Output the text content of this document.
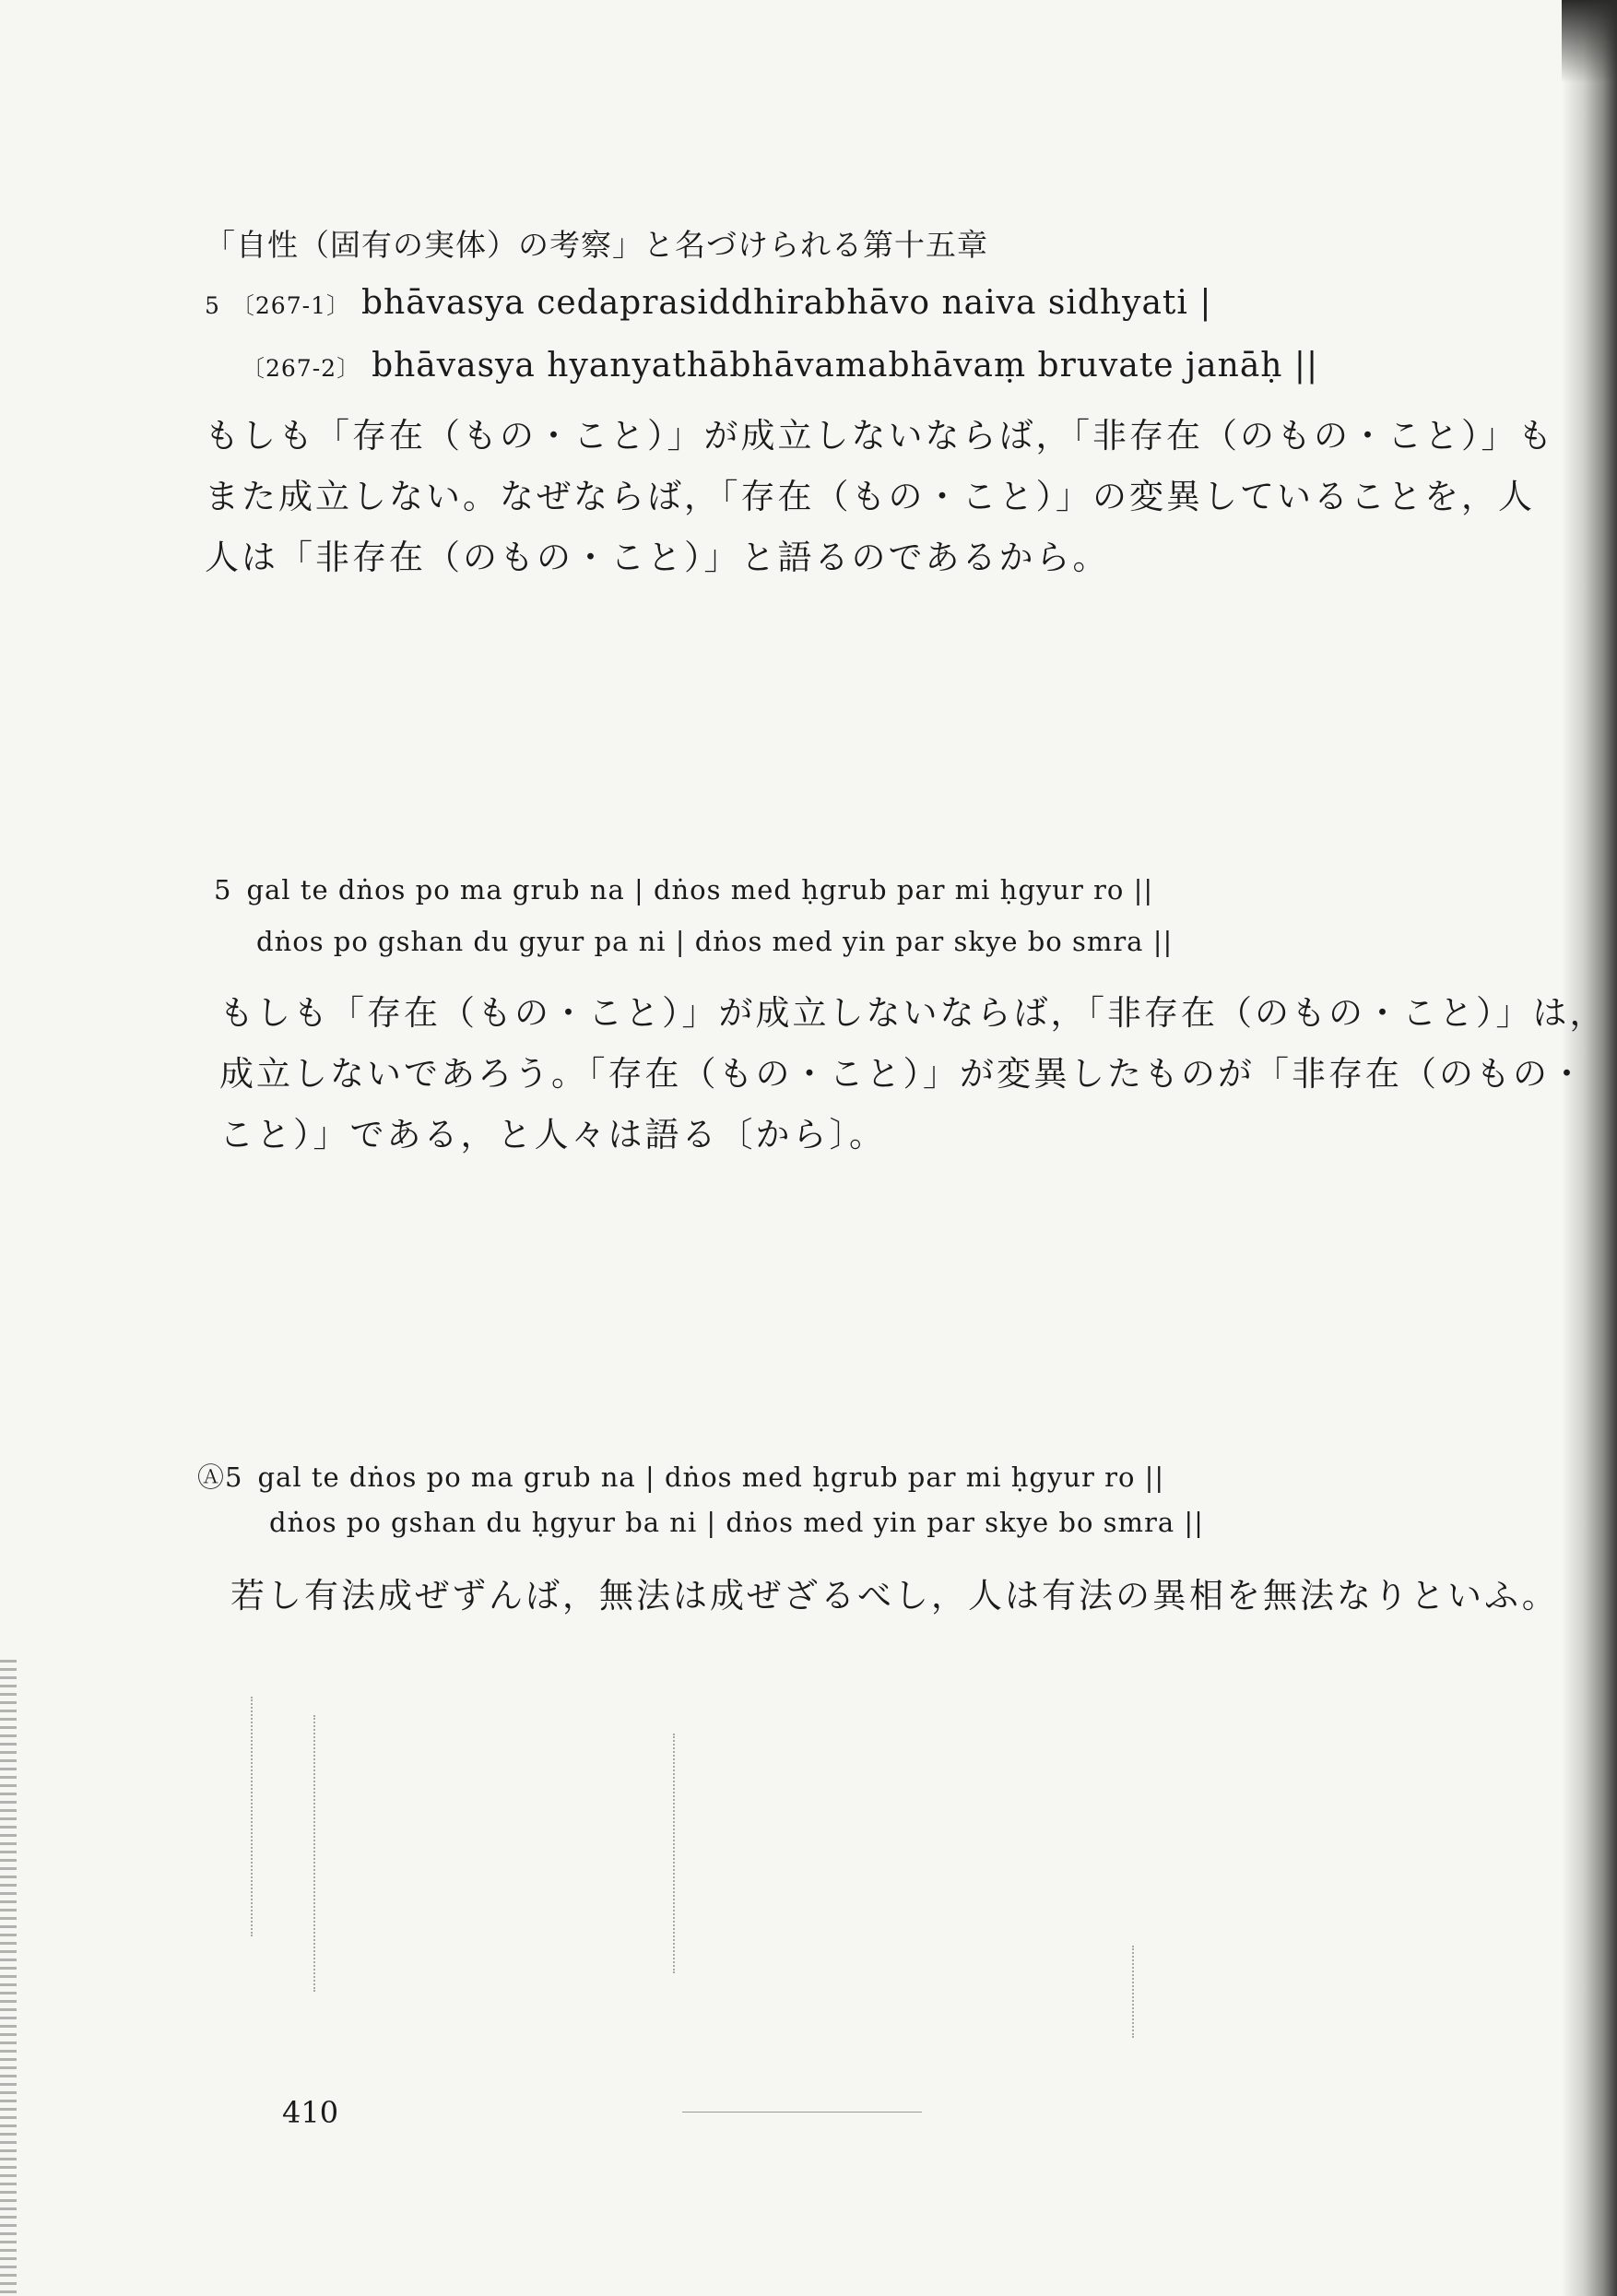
「自性（固有の実体）の考察」と名づけられる第十五章
5 〔267-1〕 bhāvasya cedaprasiddhirabhāvo naiva sidhyati |
〔267-2〕 bhāvasya hyanyathābhāvamabhāvaṃ bruvate janāḥ ||
もしも「存在（もの・こと）」が成立しないならば，「非存在（のもの・こと）」も
また成立しない。なぜならば，「存在（もの・こと）」の変異していることを，人
人は「非存在（のもの・こと）」と語るのであるから。
5 gal te dṅos po ma grub na | dṅos med ḥgrub par mi ḥgyur ro ||
dṅos po gshan du gyur pa ni | dṅos med yin par skye bo smra ||
もしも「存在（もの・こと）」が成立しないならば，「非存在（のもの・こと）」は，
成立しないであろう。「存在（もの・こと）」が変異したものが「非存在（のもの・
こと）」である，と人々は語る〔から〕。
Ⓐ5 gal te dṅos po ma grub na | dṅos med ḥgrub par mi ḥgyur ro ||
dṅos po gshan du ḥgyur ba ni | dṅos med yin par skye bo smra ||
若し有法成ぜずんば，無法は成ぜざるべし，人は有法の異相を無法なりといふ。
410
